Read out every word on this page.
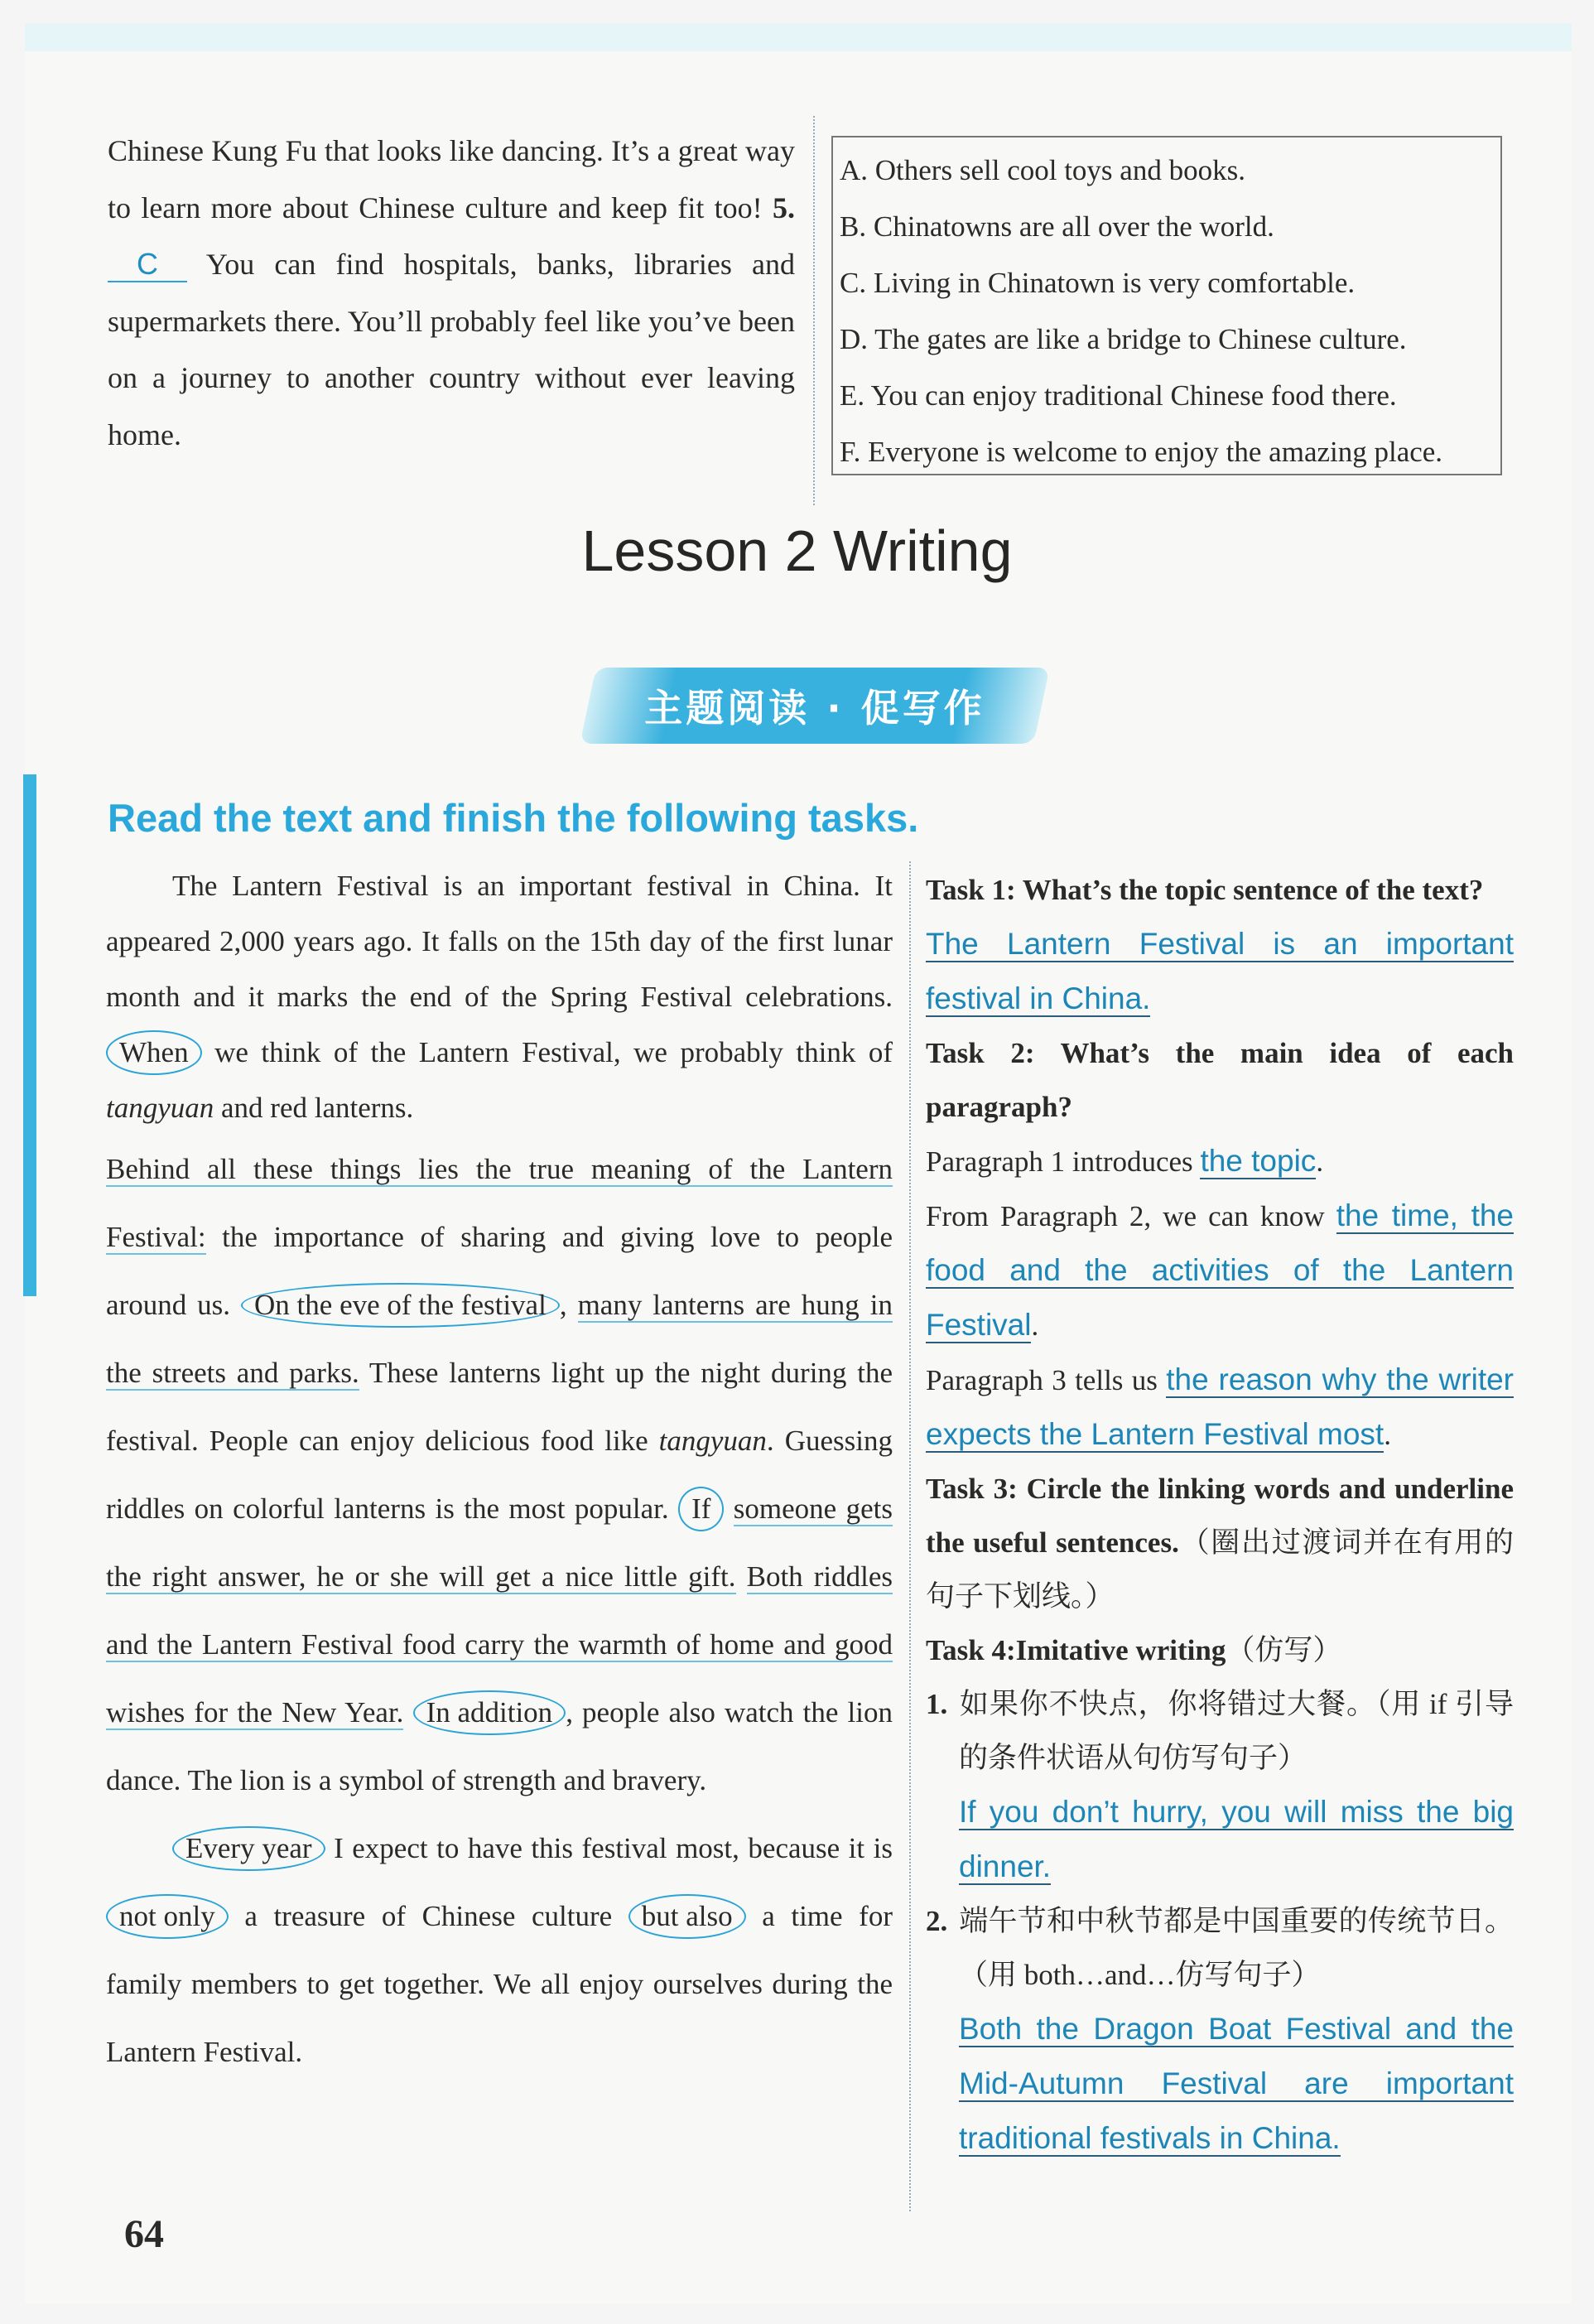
Chinese Kung Fu that looks like dancing. It’s a great way to learn more about Chinese culture and keep fit too! 5. C You can find hospitals, banks, libraries and supermarkets there. You’ll probably feel like you’ve been on a journey to another country without ever leaving home.

A. Others sell cool toys and books.
B. Chinatowns are all over the world.
C. Living in Chinatown is very comfortable.
D. The gates are like a bridge to Chinese culture.
E. You can enjoy traditional Chinese food there.
F. Everyone is welcome to enjoy the amazing place.
Lesson 2 Writing
主题阅读 · 促写作
Read the text and finish the following tasks.

The Lantern Festival is an important festival in China. It appeared 2,000 years ago. It falls on the 15th day of the first lunar month and it marks the end of the Spring Festival celebrations. When we think of the Lantern Festival, we probably think of tangyuan and red lanterns.

Behind all these things lies the true meaning of the Lantern Festival: the importance of sharing and giving love to people around us. On the eve of the festival , many lanterns are hung in the streets and parks. These lanterns light up the night during the festival. People can enjoy delicious food like tangyuan. Guessing riddles on colorful lanterns is the most popular. If someone gets the right answer, he or she will get a nice little gift. Both riddles and the Lantern Festival food carry the warmth of home and good wishes for the New Year. In addition , people also watch the lion dance. The lion is a symbol of strength and bravery.

Every year I expect to have this festival most, because it is not only a treasure of Chinese culture but also a time for family members to get together. We all enjoy ourselves during the Lantern Festival.

Task 1: What’s the topic sentence of the text?

The Lantern Festival is an important festival in China.

Task 2: What’s the main idea of each paragraph?

Paragraph 1 introduces the topic.

From Paragraph 2, we can know the time, the food and the activities of the Lantern Festival.

Paragraph 3 tells us the reason why the writer expects the Lantern Festival most.

Task 3: Circle the linking words and underline the useful sentences.（圈出过渡词并在有用的句子下划线。）

Task 4:Imitative writing（仿写）

1. 如果你不快点，你将错过大餐。（用 if 引导的条件状语从句仿写句子）

If you don’t hurry, you will miss the big dinner.

2. 端午节和中秋节都是中国重要的传统节日。（用 both…and…仿写句子）

Both the Dragon Boat Festival and the Mid-Autumn Festival are important traditional festivals in China.

64
